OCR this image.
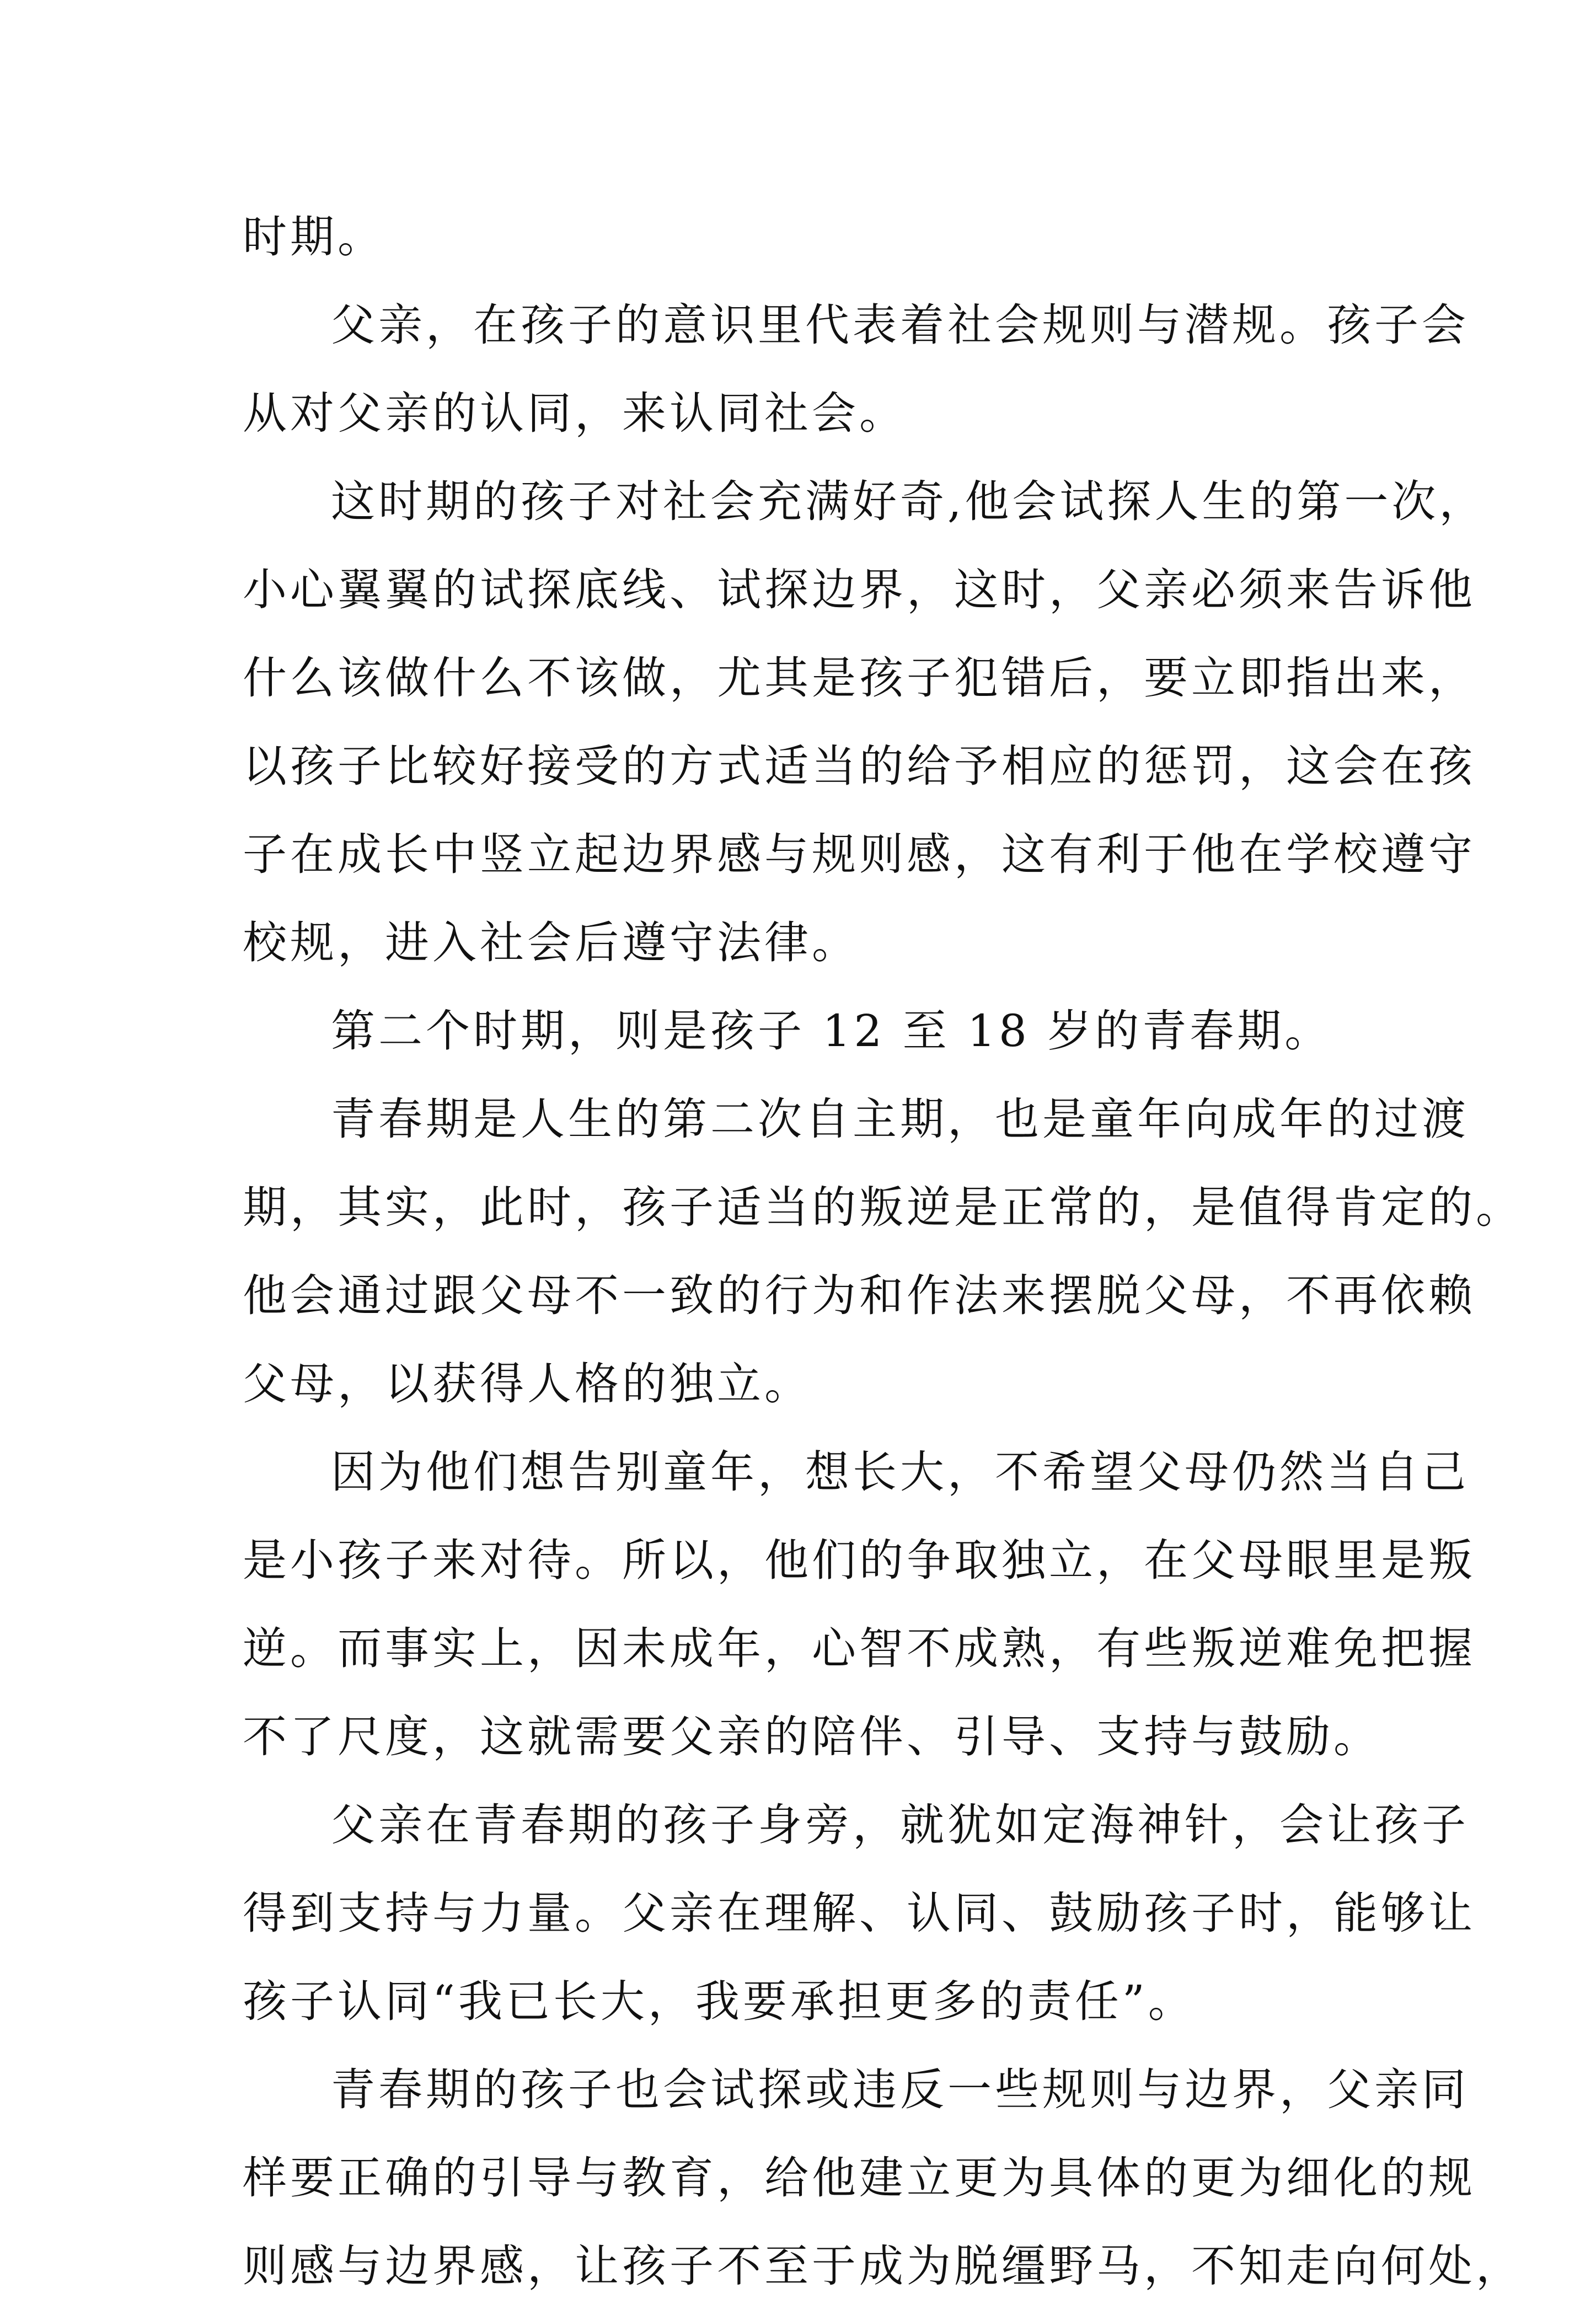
时期。
父亲，在孩子的意识里代表着社会规则与潜规。孩子会
从对父亲的认同，来认同社会。
这时期的孩子对社会充满好奇,他会试探人生的第一次，
小心翼翼的试探底线、试探边界，这时，父亲必须来告诉他
什么该做什么不该做，尤其是孩子犯错后，要立即指出来，
以孩子比较好接受的方式适当的给予相应的惩罚，这会在孩
子在成长中竖立起边界感与规则感，这有利于他在学校遵守
校规，进入社会后遵守法律。
第二个时期，则是孩子 12 至 18 岁的青春期。
青春期是人生的第二次自主期，也是童年向成年的过渡
期，其实，此时，孩子适当的叛逆是正常的，是值得肯定的。
他会通过跟父母不一致的行为和作法来摆脱父母，不再依赖
父母，以获得人格的独立。
因为他们想告别童年，想长大，不希望父母仍然当自己
是小孩子来对待。所以，他们的争取独立，在父母眼里是叛
逆。而事实上，因未成年，心智不成熟，有些叛逆难免把握
不了尺度，这就需要父亲的陪伴、引导、支持与鼓励。
父亲在青春期的孩子身旁，就犹如定海神针，会让孩子
得到支持与力量。父亲在理解、认同、鼓励孩子时，能够让
孩子认同“我已长大，我要承担更多的责任”。
青春期的孩子也会试探或违反一些规则与边界，父亲同
样要正确的引导与教育，给他建立更为具体的更为细化的规
则感与边界感，让孩子不至于成为脱缰野马，不知走向何处，
